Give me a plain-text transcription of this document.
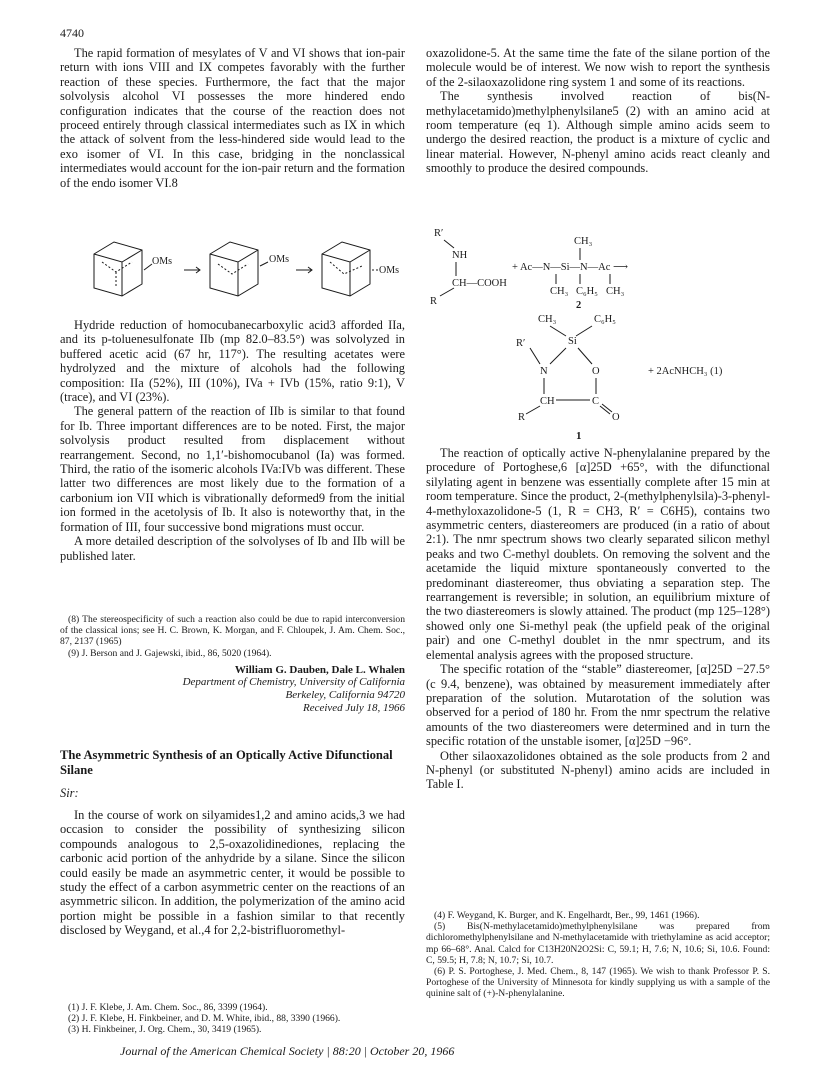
4740

The rapid formation of mesylates of V and VI shows that ion-pair return with ions VIII and IX competes favorably with the further reaction of these species. Furthermore, the fact that the major solvolysis alcohol VI possesses the more hindered endo configuration indicates that the course of the reaction does not proceed entirely through classical intermediates such as IX in which the attack of solvent from the less-hindered side would lead to the exo isomer of VI. In this case, bridging in the nonclassical intermediates would account for the ion-pair return and the formation of the endo isomer VI.8

OMs	OMs
OMs

Hydride reduction of homocubanecarboxylic acid3 afforded IIa, and its p-toluenesulfonate IIb (mp 82.0–83.5°) was solvolyzed in buffered acetic acid (67 hr, 117°). The resulting acetates were hydrolyzed and the mixture of alcohols had the following composition: IIa (52%), III (10%), IVa + IVb (15%, ratio 9:1), V (trace), and VI (23%).

The general pattern of the reaction of IIb is similar to that found for Ib. Three important differences are to be noted. First, the major solvolysis product resulted from displacement without rearrangement. Second, no 1,1′-bishomocubanol (Ia) was formed. Third, the ratio of the isomeric alcohols IVa:IVb was different. These latter two differences are most likely due to the formation of a carbonium ion VII which is vibrationally deformed9 from the initial ion formed in the acetolysis of Ib. It also is noteworthy that, in the formation of III, four successive bond migrations must occur.

A more detailed description of the solvolyses of Ib and IIb will be published later.

(8) The stereospecificity of such a reaction also could be due to rapid interconversion of the classical ions; see H. C. Brown, K. Morgan, and F. Chloupek, J. Am. Chem. Soc., 87, 2137 (1965)

(9) J. Berson and J. Gajewski, ibid., 86, 5020 (1964).

William G. Dauben, Dale L. Whalen
Department of Chemistry, University of California
Berkeley, California 94720
Received July 18, 1966
The Asymmetric Synthesis of an Optically Active Difunctional Silane
Sir:

In the course of work on silyamides1,2 and amino acids,3 we had occasion to consider the possibility of synthesizing silicon compounds analogous to 2,5-oxazolidinediones, replacing the carbonic acid portion of the anhydride by a silane. Since the silicon could easily be made an asymmetric center, it would be possible to study the effect of a carbon asymmetric center on the reactions of an asymmetric silicon. In addition, the polymerization of the amino acid portion might be possible in a fashion similar to that recently disclosed by Weygand, et al.,4 for 2,2-bistrifluoromethyl-

(1) J. F. Klebe, J. Am. Chem. Soc., 86, 3399 (1964).

(2) J. F. Klebe, H. Finkbeiner, and D. M. White, ibid., 88, 3390 (1966).

(3) H. Finkbeiner, J. Org. Chem., 30, 3419 (1965).

oxazolidone-5. At the same time the fate of the silane portion of the molecule would be of interest. We now wish to report the synthesis of the 2-silaoxazolidone ring system 1 and some of its reactions.

The synthesis involved reaction of bis(N-methylacetamido)methylphenylsilane5 (2) with an amino acid at room temperature (eq 1). Although simple amino acids seem to undergo the desired reaction, the product is a mixture of cyclic and linear material. However, N-phenyl amino acids react cleanly and smoothly to produce the desired compounds.

R′
NH
CH—COOH
R
+ Ac—N—Si—N—Ac ⟶
CH₃
CH₃ C₆H₅ CH₃
2
CH₃	C₆H₅
R′	Si
N	O
CH	C
R	O
+ 2AcNHCH₃ (1)
1

The reaction of optically active N-phenylalanine prepared by the procedure of Portoghese,6 [α]25D +65°, with the difunctional silylating agent in benzene was essentially complete after 15 min at room temperature. Since the product, 2-(methylphenylsila)-3-phenyl-4-methyloxazolidone-5 (1, R = CH3, R′ = C6H5), contains two asymmetric centers, diastereomers are produced (in a ratio of about 2:1). The nmr spectrum shows two clearly separated silicon methyl peaks and two C-methyl doublets. On removing the solvent and the acetamide the liquid mixture spontaneously converted to the predominant diastereomer, thus obviating a separation step. The rearrangement is reversible; in solution, an equilibrium mixture of the two diastereomers is slowly attained. The product (mp 125–128°) showed only one Si-methyl peak (the upfield peak of the original pair) and one C-methyl doublet in the nmr spectrum, and its elemental analysis agrees with the proposed structure.

The specific rotation of the “stable” diastereomer, [α]25D −27.5° (c 9.4, benzene), was obtained by measurement immediately after preparation of the solution. Mutarotation of the solution was observed for a period of 180 hr. From the nmr spectrum the relative amounts of the two diastereomers were determined and in turn the specific rotation of the unstable isomer, [α]25D −96°.

Other silaoxazolidones obtained as the sole products from 2 and N-phenyl (or substituted N-phenyl) amino acids are included in Table I.

(4) F. Weygand, K. Burger, and K. Engelhardt, Ber., 99, 1461 (1966).

(5) Bis(N-methylacetamido)methylphenylsilane was prepared from dichloromethylphenylsilane and N-methylacetamide with triethylamine as acid acceptor; mp 66–68°. Anal. Calcd for C13H20N2O2Si: C, 59.1; H, 7.6; N, 10.6; Si, 10.6. Found: C, 59.5; H, 7.8; N, 10.7; Si, 10.7.

(6) P. S. Portoghese, J. Med. Chem., 8, 147 (1965). We wish to thank Professor P. S. Portoghese of the University of Minnesota for kindly supplying us with a sample of the quinine salt of (+)-N-phenylalanine.

Journal of the American Chemical Society | 88:20 | October 20, 1966
